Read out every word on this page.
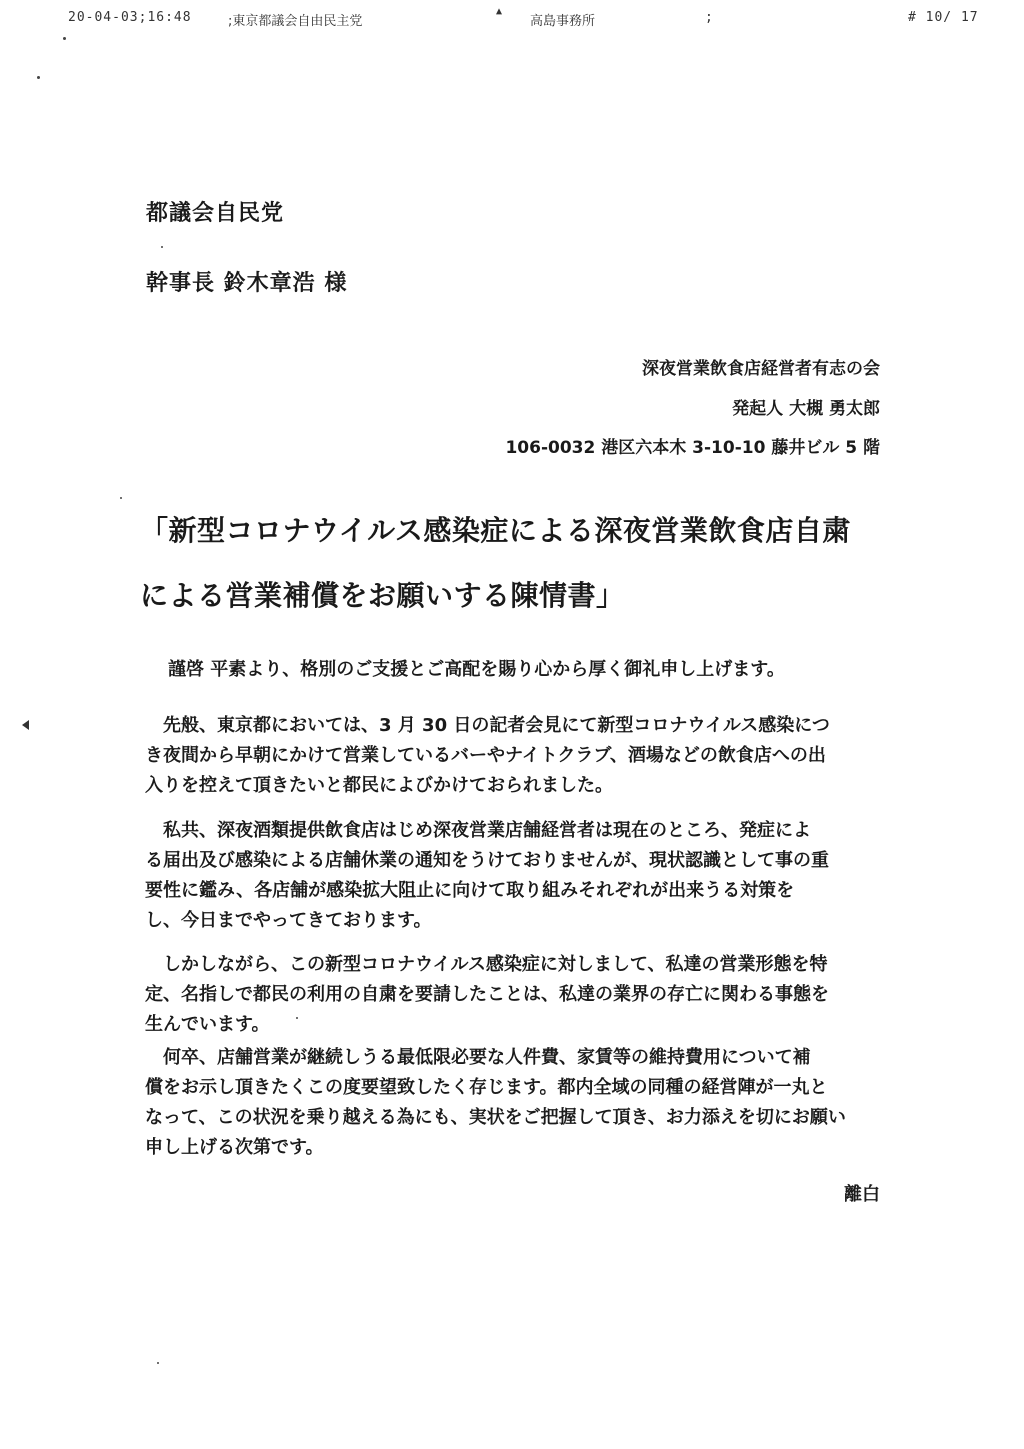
20-04-03;16:48	;東京都議会自由民主党
▲
高島事務所	;	# 10/ 17
都議会自民党
幹事長 鈴木章浩 様
深夜営業飲食店経営者有志の会
発起人 大槻 勇太郎
106-0032 港区六本木 3-10-10 藤井ビル 5 階
「新型コロナウイルス感染症による深夜営業飲食店自粛
による営業補償をお願いする陳情書」
謹啓 平素より、格別のご支援とご高配を賜り心から厚く御礼申し上げます。

先般、東京都においては、3 月 30 日の記者会見にて新型コロナウイルス感染につ
き夜間から早朝にかけて営業しているバーやナイトクラブ、酒場などの飲食店への出
入りを控えて頂きたいと都民によびかけておられました。

私共、深夜酒類提供飲食店はじめ深夜営業店舗経営者は現在のところ、発症によ
る届出及び感染による店舗休業の通知をうけておりませんが、現状認識として事の重
要性に鑑み、各店舗が感染拡大阻止に向けて取り組みそれぞれが出来うる対策を
し、今日までやってきております。

しかしながら、この新型コロナウイルス感染症に対しまして、私達の営業形態を特
定、名指しで都民の利用の自粛を要請したことは、私達の業界の存亡に関わる事態を
生んでいます。

何卒、店舗営業が継続しうる最低限必要な人件費、家賃等の維持費用について補
償をお示し頂きたくこの度要望致したく存じます。都内全域の同種の経営陣が一丸と
なって、この状況を乗り越える為にも、実状をご把握して頂き、お力添えを切にお願い
申し上げる次第です。

離白
